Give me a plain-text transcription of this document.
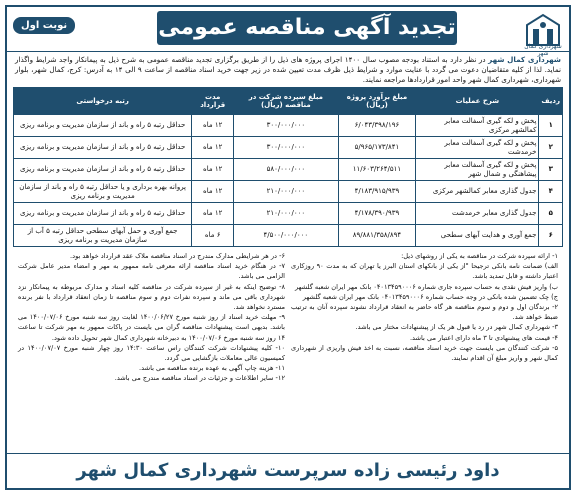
نوبت اول	تجدید آگهی مناقصه عمومی
شهرداری کمال شهر
شهرداری کمال شهر در نظر دارد به استناد بودجه مصوب سال ۱۴۰۰ اجرای پروژه های ذیل را از طریق برگزاری تجدید مناقصه عمومی به شرح ذیل به پیمانکار واجد شرایط واگذار نماید. لذا از کلیه متقاضیان دعوت می گردد با عنایت موارد و شرایط ذیل ظرف مدت تعیین شده در زیر جهت خرید اسناد مناقصه از ساعت ۹ الی ۱۴ به آدرس: کرج، کمال شهر، بلوار شهرداری، شهرداری کمال شهر واحد امور قراردادها مراجعه نمایند.
ردیف	شرح عملیات	مبلغ برآورد پروژه (ریال)	مبلغ سپرده شرکت در مناقصه (ریال)	مدت قرارداد	رتبه درخواستی
۱	پخش و لکه گیری آسفالت معابر کمالشهر مرکزی	۶/۰۴۳/۳۹۸/۱۹۶	۳۰۰/۰۰۰/۰۰۰	۱۲ ماه	حداقل رتبه ۵ راه و باند از سازمان مدیریت و برنامه ریزی
۲	پخش و لکه گیری آسفالت معابر خرمدشت	۵/۹۶۵/۱۷۳/۸۴۱	۳۰۰/۰۰۰/۰۰۰	۱۲ ماه	حداقل رتبه ۵ راه و باند از سازمان مدیریت و برنامه ریزی
۳	پخش و لکه گیری آسفالت معابر پیشاهنگی و شمال شهر	۱۱/۶۰۳/۲۶۴/۵۱۱	۵۸۰/۰۰۰/۰۰۰	۱۲ ماه	حداقل رتبه ۵ راه و باند از سازمان مدیریت و برنامه ریزی
۴	جدول گذاری معابر کمالشهر مرکزی	۴/۱۸۳/۹۱۵/۹۳۹	۲۱۰/۰۰۰/۰۰۰	۱۲ ماه	پروانه بهره برداری و یا حداقل رتبه ۵ راه و باند از سازمان مدیریت و برنامه ریزی
۵	جدول گذاری معابر خرمدشت	۴/۱۷۸/۳۹۰/۹۳۹	۲۱۰/۰۰۰/۰۰۰	۱۲ ماه	حداقل رتبه ۵ راه و باند از سازمان مدیریت و برنامه ریزی
۶	جمع آوری و هدایت آبهای سطحی	۸۹/۸۸۱/۳۵۸/۸۹۴	۴/۵۰۰/۰۰۰/۰۰۰	۶ ماه	جمع آوری و حمل آبهای سطحی حداقل رتبه ۵ آب از سازمان مدیریت و برنامه ریزی

۱- ارائه سپرده شرکت در مناقصه به یکی از روشهای ذیل:

الف) ضمانت نامه بانکی ترجیحا "از یکی از بانکهای استان البرز یا تهران که به مدت ۹۰ روزکاری اعتبار داشته و قابل تمدید باشد.

ب) واریز فیش نقدی به حساب سپرده جاری شماره ۰۴۰۱۳۴۵۹۰۰۰۶ بانک مهر ایران شعبه گلشهر

ج) چک تضمین شده بانکی در وجه حساب شماره ۰۴۰۱۳۴۵۹۰۰۰۶ بانک مهر ایران شعبه گلشهر

۲- برندگان اول و دوم و سوم مناقصه هر گاه حاضر به انعقاد قرارداد نشوند سپرده آنان به ترتیب ضبط خواهد شد.

۳- شهرداری کمال شهر در رد یا قبول هر یک از پیشنهادات مختار می باشد.

۴- قیمت های پیشنهادی تا ۳ ماه دارای اعتبار می باشد.

۵- شرکت کنندگان می بایست جهت خرید اسناد مناقصه، نسبت به اخذ فیش واریزی از شهرداری کمال شهر و واریز مبلغ آن اقدام نمایند.

۶- در هر شرایطی مدارک مندرج در اسناد مناقصه ملاک عقد قرارداد خواهد بود.

۷- در هنگام خرید اسناد مناقصه ارائه معرفی نامه ممهور به مهر و امضاء مدیر عامل شرکت الزامی می باشد.

۸- توضیح اینکه به غیر از سپرده شرکت در مناقصه کلیه اسناد و مدارک مربوطه به پیمانکار نزد شهرداری باقی می ماند و سپرده نفرات دوم و سوم مناقصه تا زمان انعقاد قرارداد با نفر برنده مسترد نخواهد شد.

۹- مهلت خرید اسناد از روز شنبه مورخ ۱۴۰۰/۰۶/۲۷ لغایت روز سه شنبه مورخ ۱۴۰۰/۰۷/۰۶ می باشد. بدیهی است پیشنهادات مناقصه گران می بایست در پاکات ممهور به مهر شرکت تا ساعت ۱۴ روز سه شنبه مورخ ۱۴۰۰/۰۷/۰۶ به دبیرخانه شهرداری کمال شهر تحویل داده شود.

۱۰- کلیه پیشنهادات شرکت کنندگان راس ساعت ۱۴:۳۰ روز چهار شنبه مورخ ۱۴۰۰/۰۷/۰۷ در کمیسیون عالی معاملات بازگشایی می گردد.

۱۱- هزینه چاپ آگهی به عهده برنده مناقصه می باشد.

۱۲- سایر اطلاعات و جزئیات در اسناد مناقصه مندرج می باشد.

داود رئیسی زاده سرپرست شهرداری کمال شهر
